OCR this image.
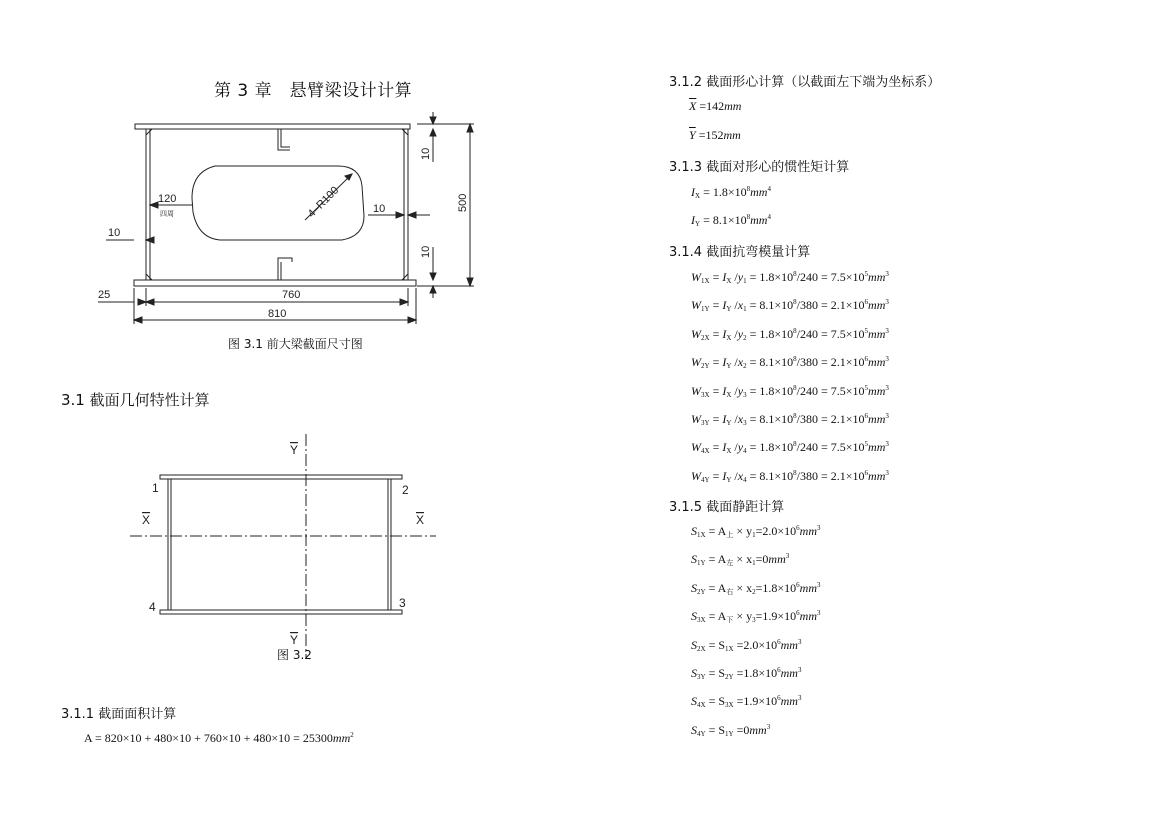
第 3 章　悬臂梁设计计算
760
810
25
10
120
四周	10
4–R100	500
10
10
图 3.1 前大梁截面尺寸图
3.1 截面几何特性计算
Y
Y
X	X
1	2
3
4
图 3.2
3.1.1 截面面积计算
$A = 820\times 10 + 480\times 10 + 760\times 10 + 480\times 10 = 25300mm^2$
3.1.2 截面形心计算（以截面左下端为坐标系）
$\overline{X} =142mm$
$\overline{Y} =152mm$
3.1.3 截面对形心的惯性矩计算
$I_X = 1.8\times 10^8mm^4$
$I_Y = 8.1\times 10^8mm^4$
3.1.4 截面抗弯模量计算
$W_{1X} = I_X$ $/y_1 = 1.8\times 10^8/240 = 7.5\times 10^5mm^3$
$W_{1Y} = I_Y$ $/x_1 = 8.1\times 10^8/380 = 2.1\times 10^6mm^3$
$W_{2X} = I_X$ $/y_2 = 1.8\times 10^8/240 = 7.5\times 10^5mm^3$
$W_{2Y} = I_Y$ $/x_2 = 8.1\times 10^8/380 = 2.1\times 10^6mm^3$
$W_{3X} = I_X$ $/y_3 = 1.8\times 10^8/240 = 7.5\times 10^5mm^3$
$W_{3Y} = I_Y$ $/x_3 = 8.1\times 10^8/380 = 2.1\times 10^6mm^3$
$W_{4X} = I_X$ $/y_4 = 1.8\times 10^8/240 = 7.5\times 10^5mm^3$
$W_{4Y} = I_Y$ $/x_4 = 8.1\times 10^8/380 = 2.1\times 10^6mm^3$
3.1.5 截面静距计算
$S_{1X} = A_上 \times y_1=2.0\times 10^6mm^3$
$S_{1Y} = A_左 \times x_1=0mm^3$
$S_{2Y} = A_右 \times x_2=1.8\times 10^6mm^3$
$S_{3X} = A_下 \times y_3=1.9\times 10^6mm^3$
$S_{2X} = S_{1X} =2.0\times 10^6mm^3$
$S_{3Y} = S_{2Y} =1.8\times 10^6mm^3$
$S_{4X} = S_{3X} =1.9\times 10^6mm^3$
$S_{4Y} = S_{1Y} =0mm^3$
